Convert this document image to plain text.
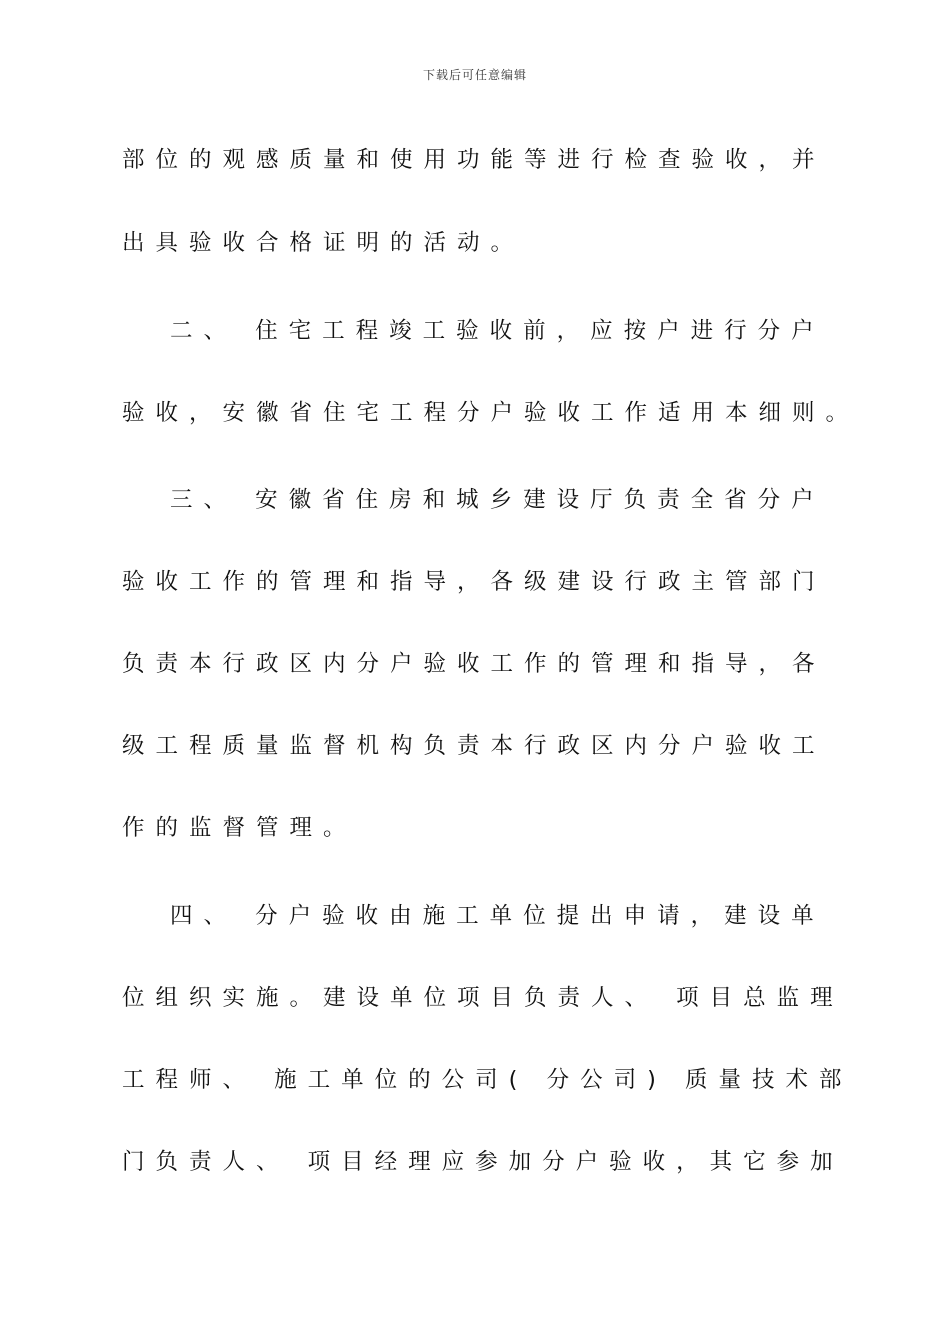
下载后可任意编辑
部位的观感质量和使用功能等进行检查验收，并
出具验收合格证明的活动。
二、 住宅工程竣工验收前，应按户进行分户
验收，安徽省住宅工程分户验收工作适用本细则。
三、 安徽省住房和城乡建设厅负责全省分户
验收工作的管理和指导，各级建设行政主管部门
负责本行政区内分户验收工作的管理和指导，各
级工程质量监督机构负责本行政区内分户验收工
作的监督管理。
四、 分户验收由施工单位提出申请，建设单
位组织实施。建设单位项目负责人、 项目总监理
工程师、 施工单位的公司( 分公司) 质量技术部
门负责人、 项目经理应参加分户验收，其它参加
